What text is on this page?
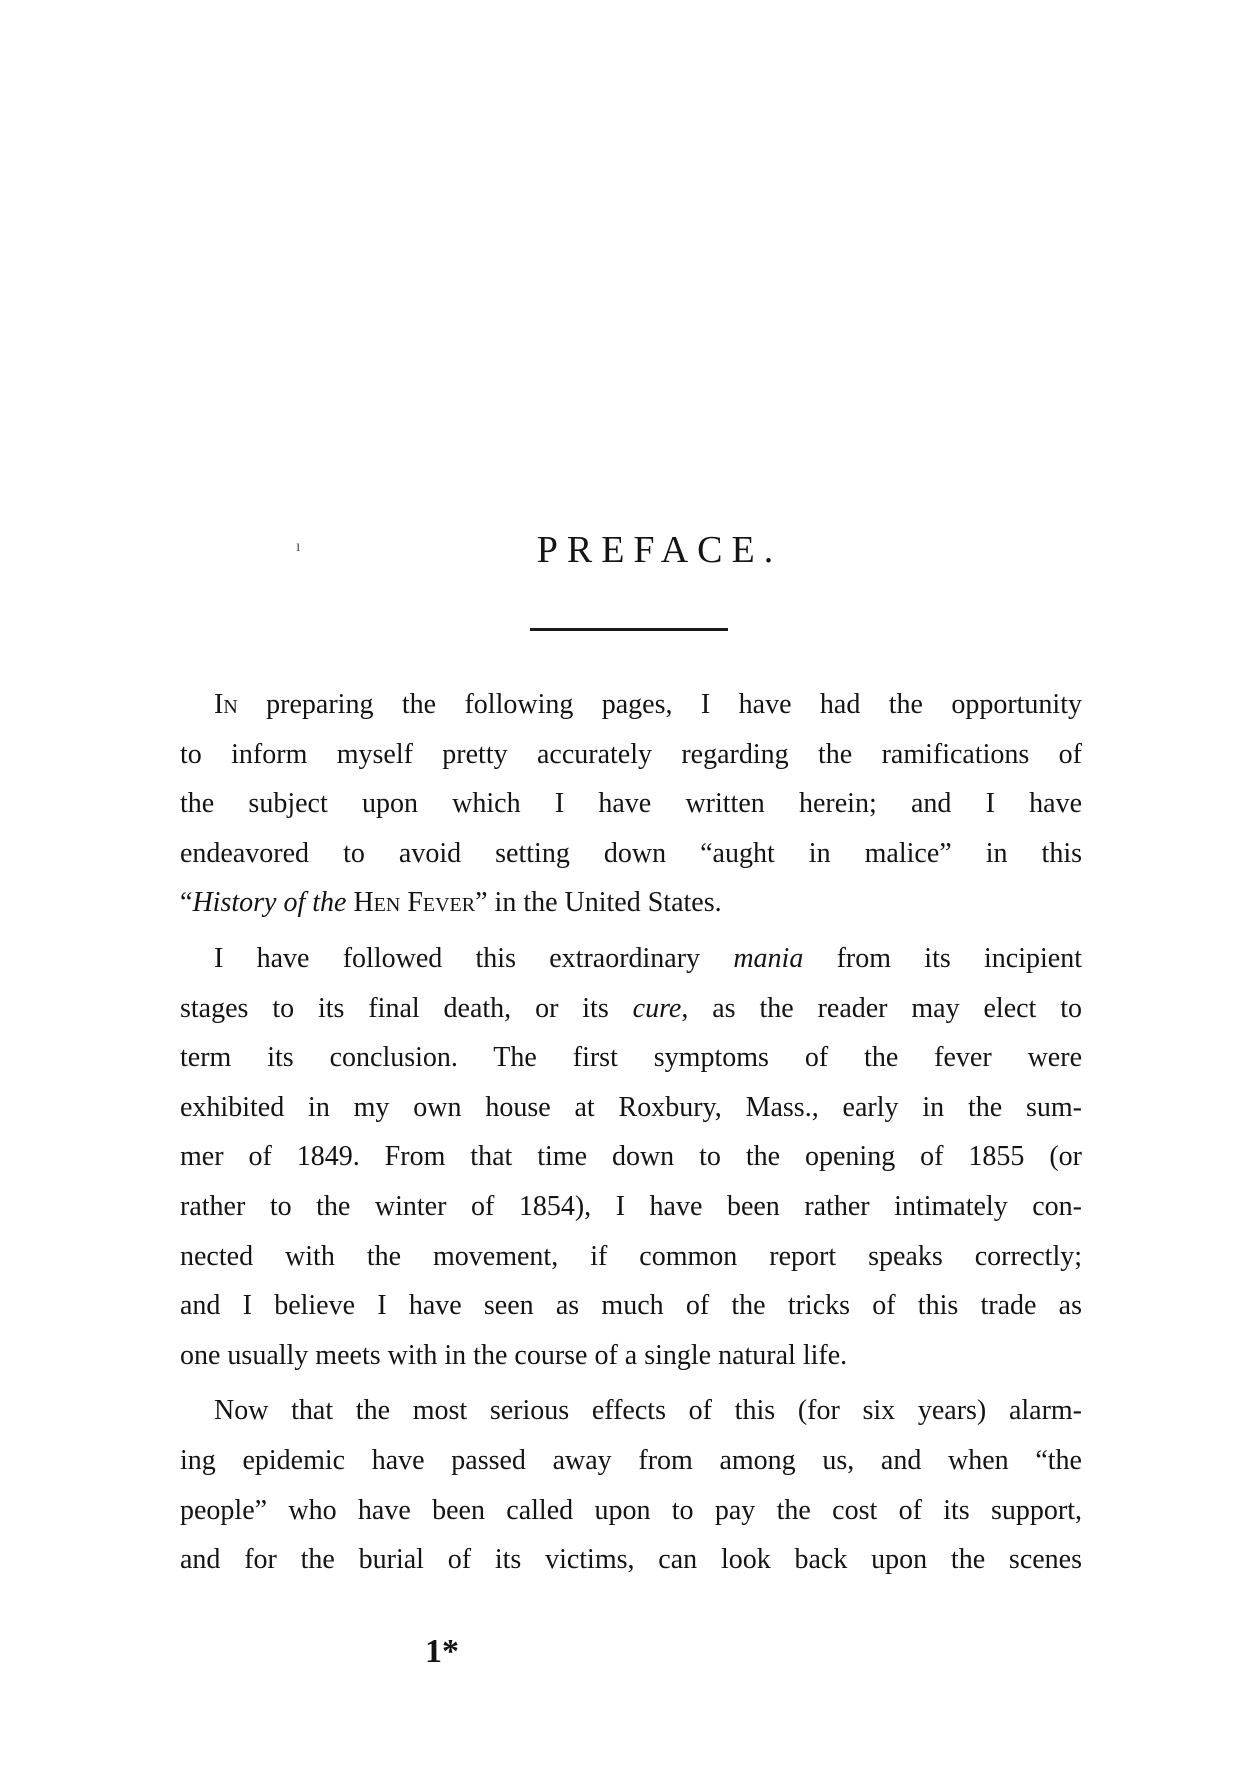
ı	PREFACE.
In preparing the following pages, I have had the opportunity
to inform myself pretty accurately regarding the ramifications of
the subject upon which I have written herein; and I have
endeavored to avoid setting down “aught in malice” in this
“History of the Hen Fever” in the United States.
I have followed this extraordinary mania from its incipient
stages to its final death, or its cure, as the reader may elect to
term its conclusion. The first symptoms of the fever were
exhibited in my own house at Roxbury, Mass., early in the sum-
mer of 1849. From that time down to the opening of 1855 (or
rather to the winter of 1854), I have been rather intimately con-
nected with the movement, if common report speaks correctly;
and I believe I have seen as much of the tricks of this trade as
one usually meets with in the course of a single natural life.
Now that the most serious effects of this (for six years) alarm-
ing epidemic have passed away from among us, and when “the
people” who have been called upon to pay the cost of its support,
and for the burial of its victims, can look back upon the scenes
1*
